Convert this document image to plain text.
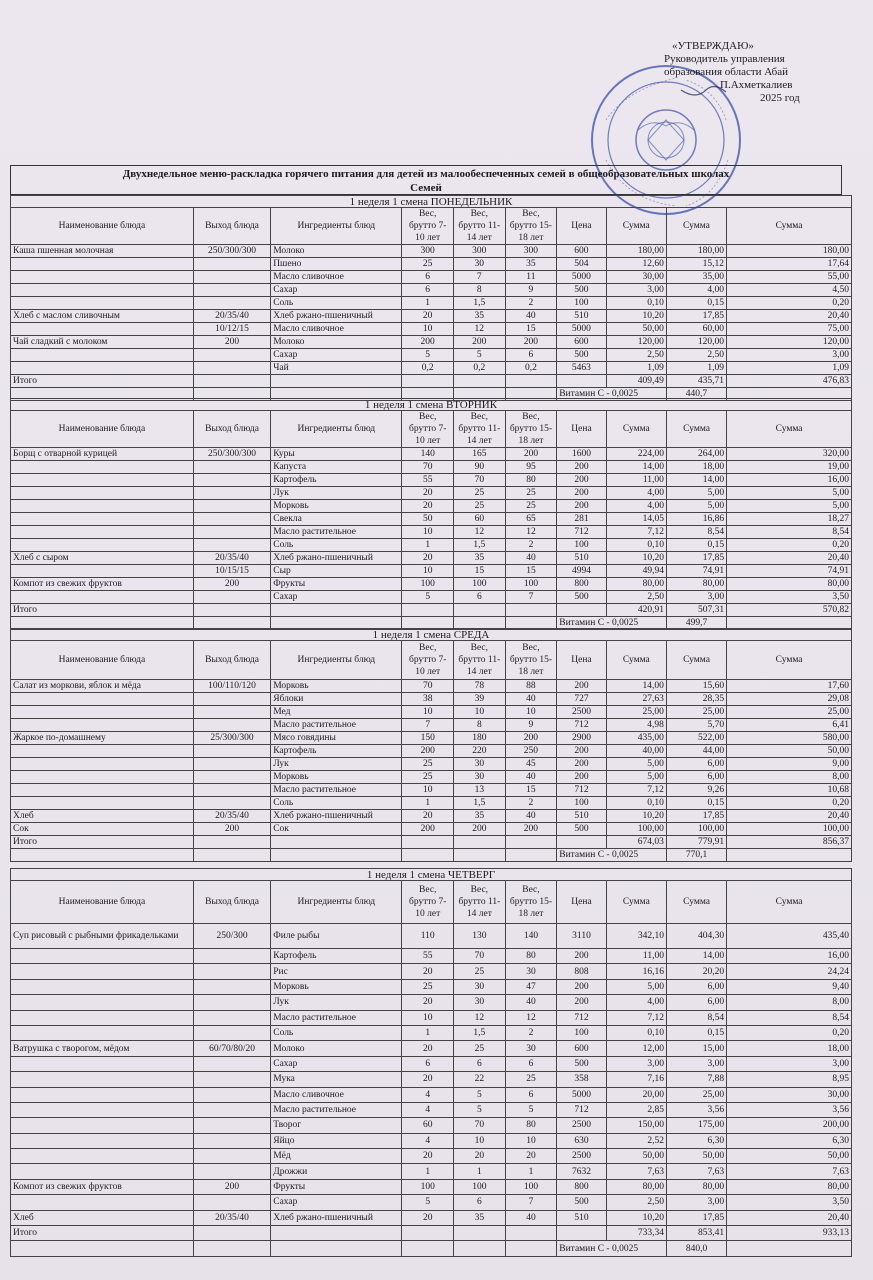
«УТВЕРЖДАЮ»
Руководитель управления
образования области Абай
П.Ахметкалиев
2025 год
Двухнедельное меню-раскладка горячего питания для детей из малообеспеченных семей в общеобразовательных школах
Семей
1 неделя 1 смена ПОНЕДЕЛЬНИК									
Наименование блюда	Выход блюда	Ингредиенты блюд	Вес, брутто 7-10 лет	Вес, брутто 11-14 лет	Вес, брутто 15-18 лет	Цена	Сумма	Сумма	Сумма
Каша пшенная молочная	250/300/300	Молоко	300	300	300	600	180,00	180,00	180,00
		Пшено	25	30	35	504	12,60	15,12	17,64
		Масло сливочное	6	7	11	5000	30,00	35,00	55,00
		Сахар	6	8	9	500	3,00	4,00	4,50
		Соль	1	1,5	2	100	0,10	0,15	0,20
Хлеб с маслом сливочным	20/35/40	Хлеб ржано-пшеничный	20	35	40	510	10,20	17,85	20,40
	10/12/15	Масло сливочное	10	12	15	5000	50,00	60,00	75,00
Чай сладкий с молоком	200	Молоко	200	200	200	600	120,00	120,00	120,00
		Сахар	5	5	6	500	2,50	2,50	3,00
		Чай	0,2	0,2	0,2	5463	1,09	1,09	1,09
Итого							409,49	435,71	476,83
						Витамин С - 0,0025		440,7	
1 неделя 1 смена ВТОРНИК									
Наименование блюда	Выход блюда	Ингредиенты блюд	Вес, брутто 7-10 лет	Вес, брутто 11-14 лет	Вес, брутто 15-18 лет	Цена	Сумма	Сумма	Сумма
Борщ с отварной курицей	250/300/300	Куры	140	165	200	1600	224,00	264,00	320,00
		Капуста	70	90	95	200	14,00	18,00	19,00
		Картофель	55	70	80	200	11,00	14,00	16,00
		Лук	20	25	25	200	4,00	5,00	5,00
		Морковь	20	25	25	200	4,00	5,00	5,00
		Свекла	50	60	65	281	14,05	16,86	18,27
		Масло растительное	10	12	12	712	7,12	8,54	8,54
		Соль	1	1,5	2	100	0,10	0,15	0,20
Хлеб с сыром	20/35/40	Хлеб ржано-пшеничный	20	35	40	510	10,20	17,85	20,40
	10/15/15	Сыр	10	15	15	4994	49,94	74,91	74,91
Компот из свежих фруктов	200	Фрукты	100	100	100	800	80,00	80,00	80,00
		Сахар	5	6	7	500	2,50	3,00	3,50
Итого							420,91	507,31	570,82
						Витамин С - 0,0025		499,7	
1 неделя 1 смена СРЕДА									
Наименование блюда	Выход блюда	Ингредиенты блюд	Вес, брутто 7-10 лет	Вес, брутто 11-14 лет	Вес, брутто 15-18 лет	Цена	Сумма	Сумма	Сумма
Салат из моркови, яблок и мёда	100/110/120	Морковь	70	78	88	200	14,00	15,60	17,60
		Яблоки	38	39	40	727	27,63	28,35	29,08
		Мед	10	10	10	2500	25,00	25,00	25,00
		Масло растительное	7	8	9	712	4,98	5,70	6,41
Жаркое по-домашнему	25/300/300	Мясо говядины	150	180	200	2900	435,00	522,00	580,00
		Картофель	200	220	250	200	40,00	44,00	50,00
		Лук	25	30	45	200	5,00	6,00	9,00
		Морковь	25	30	40	200	5,00	6,00	8,00
		Масло растительное	10	13	15	712	7,12	9,26	10,68
		Соль	1	1,5	2	100	0,10	0,15	0,20
Хлеб	20/35/40	Хлеб ржано-пшеничный	20	35	40	510	10,20	17,85	20,40
Сок	200	Сок	200	200	200	500	100,00	100,00	100,00
Итого							674,03	779,91	856,37
						Витамин С - 0,0025		770,1	
1 неделя 1 смена ЧЕТВЕРГ									
Наименование блюда	Выход блюда	Ингредиенты блюд	Вес, брутто 7-10 лет	Вес, брутто 11-14 лет	Вес, брутто 15-18 лет	Цена	Сумма	Сумма	Сумма
Суп рисовый с рыбными фрикадельками	250/300	Филе рыбы	110	130	140	3110	342,10	404,30	435,40
		Картофель	55	70	80	200	11,00	14,00	16,00
		Рис	20	25	30	808	16,16	20,20	24,24
		Морковь	25	30	47	200	5,00	6,00	9,40
		Лук	20	30	40	200	4,00	6,00	8,00
		Масло растительное	10	12	12	712	7,12	8,54	8,54
		Соль	1	1,5	2	100	0,10	0,15	0,20
Ватрушка с творогом, мёдом	60/70/80/20	Молоко	20	25	30	600	12,00	15,00	18,00
		Сахар	6	6	6	500	3,00	3,00	3,00
		Мука	20	22	25	358	7,16	7,88	8,95
		Масло сливочное	4	5	6	5000	20,00	25,00	30,00
		Масло растительное	4	5	5	712	2,85	3,56	3,56
		Творог	60	70	80	2500	150,00	175,00	200,00
		Яйцо	4	10	10	630	2,52	6,30	6,30
		Мёд	20	20	20	2500	50,00	50,00	50,00
		Дрожжи	1	1	1	7632	7,63	7,63	7,63
Компот из свежих фруктов	200	Фрукты	100	100	100	800	80,00	80,00	80,00
		Сахар	5	6	7	500	2,50	3,00	3,50
Хлеб	20/35/40	Хлеб ржано-пшеничный	20	35	40	510	10,20	17,85	20,40
Итого							733,34	853,41	933,13
						Витамин С - 0,0025		840,0	
